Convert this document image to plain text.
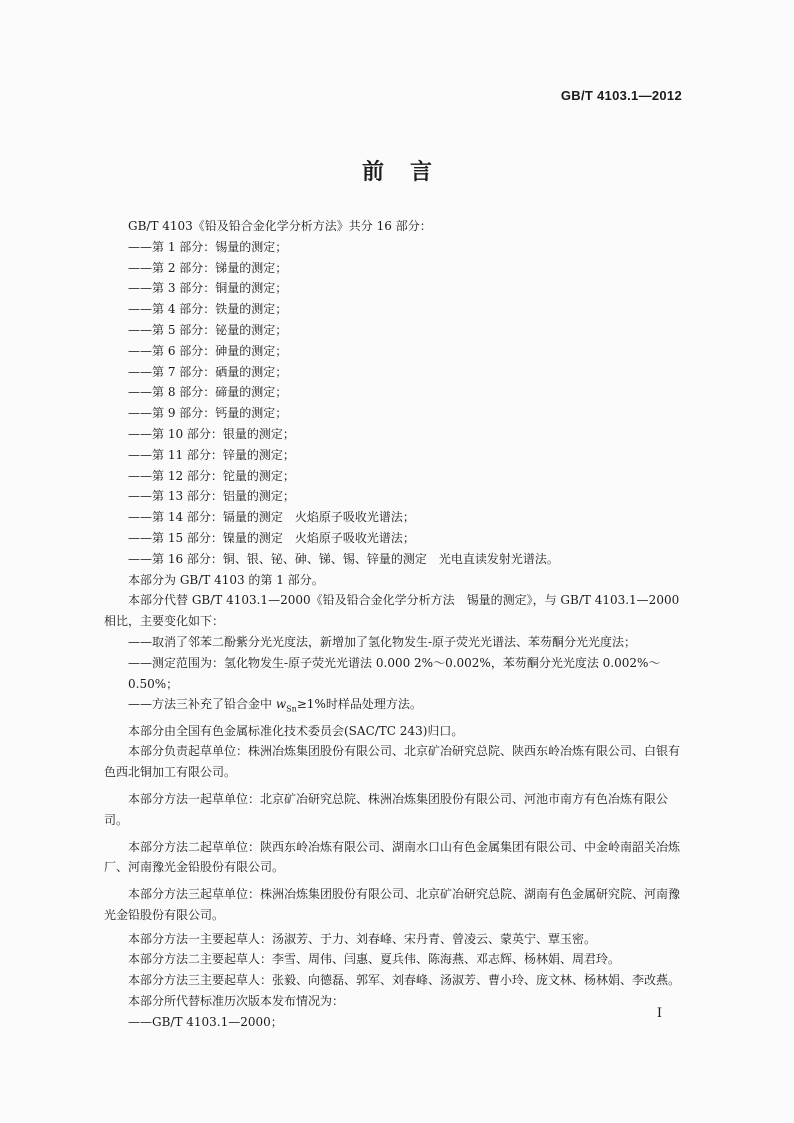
GB/T 4103.1—2012
前言

GB/T 4103《铅及铅合金化学分析方法》共分 16 部分：

——第 1 部分：锡量的测定；

——第 2 部分：锑量的测定；

——第 3 部分：铜量的测定；

——第 4 部分：铁量的测定；

——第 5 部分：铋量的测定；

——第 6 部分：砷量的测定；

——第 7 部分：硒量的测定；

——第 8 部分：碲量的测定；

——第 9 部分：钙量的测定；

——第 10 部分：银量的测定；

——第 11 部分：锌量的测定；

——第 12 部分：铊量的测定；

——第 13 部分：铝量的测定；

——第 14 部分：镉量的测定　火焰原子吸收光谱法；

——第 15 部分：镍量的测定　火焰原子吸收光谱法；

——第 16 部分：铜、银、铋、砷、锑、锡、锌量的测定　光电直读发射光谱法。

本部分为 GB/T 4103 的第 1 部分。

本部分代替 GB/T 4103.1—2000《铅及铅合金化学分析方法　锡量的测定》，与 GB/T 4103.1—2000 相比，主要变化如下：

——取消了邻苯二酚紫分光光度法，新增加了氢化物发生-原子荧光光谱法、苯芴酮分光光度法；

——测定范围为：氢化物发生-原子荧光光谱法 0.000 2%～0.002%，苯芴酮分光光度法 0.002%～
0.50%；

——方法三补充了铅合金中 $w_{Sn}\ge 1\%$时样品处理方法。

本部分由全国有色金属标准化技术委员会(SAC/TC 243)归口。

本部分负责起草单位：株洲冶炼集团股份有限公司、北京矿冶研究总院、陕西东岭冶炼有限公司、白银有色西北铜加工有限公司。

本部分方法一起草单位：北京矿冶研究总院、株洲冶炼集团股份有限公司、河池市南方有色冶炼有限公司。

本部分方法二起草单位：陕西东岭冶炼有限公司、湖南水口山有色金属集团有限公司、中金岭南韶关冶炼厂、河南豫光金铅股份有限公司。

本部分方法三起草单位：株洲冶炼集团股份有限公司、北京矿冶研究总院、湖南有色金属研究院、河南豫光金铅股份有限公司。

本部分方法一主要起草人：汤淑芳、于力、刘春峰、宋丹青、曾凌云、蒙英宁、覃玉密。

本部分方法二主要起草人：李雪、周伟、闫惠、夏兵伟、陈海燕、邓志辉、杨林娟、周君玲。

本部分方法三主要起草人：张毅、向德磊、郭军、刘春峰、汤淑芳、曹小玲、庞文林、杨林娟、李改燕。

本部分所代替标准历次版本发布情况为：

——GB/T 4103.1—2000；

I
